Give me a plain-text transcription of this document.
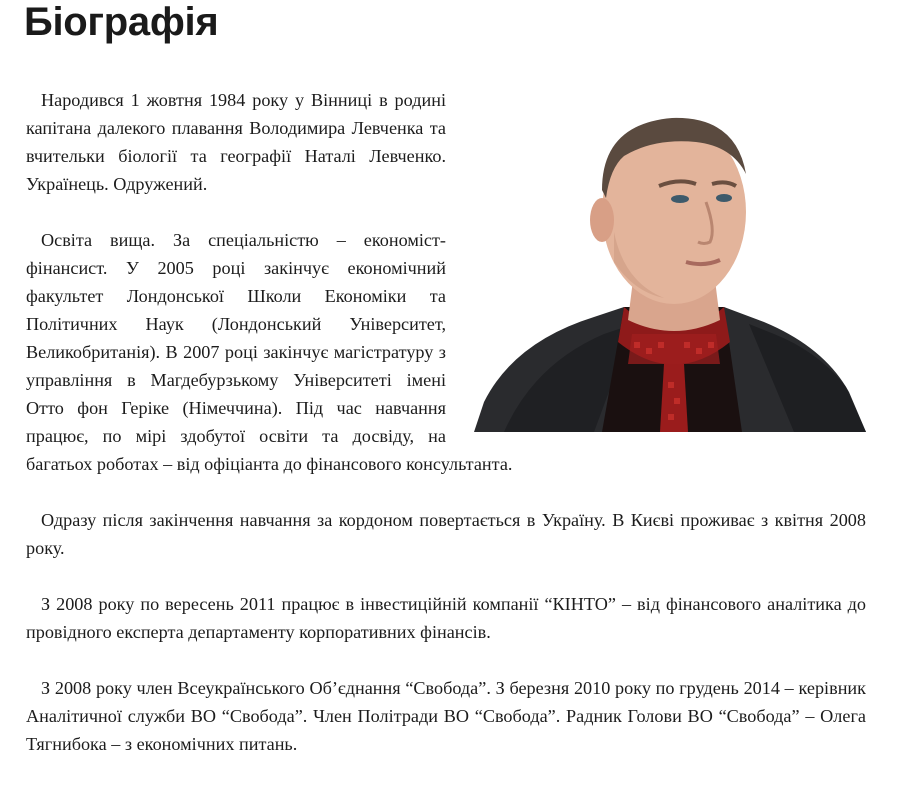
Біографія

Народився 1 жовтня 1984 року у Вінниці в родині капітана далекого плавання Володимира Левченка та вчительки біології та географії Наталі Левченко. Українець. Одружений.

Освіта вища. За спеціальністю – економіст-фінансист. У 2005 році закінчує економічний факультет Лондонської Школи Економіки та Політичних Наук (Лондонський Університет, Великобританія). В 2007 році закінчує магістратуру з управління в Магдебурзькому Університеті імені Отто фон Геріке (Німеччина). Під час навчання працює, по мірі здобутої освіти та досвіду, на багатьох роботах – від офіціанта до фінансового консультанта.

Одразу після закінчення навчання за кордоном повертається в Україну. В Києві проживає з квітня 2008 року.

З 2008 року по вересень 2011 працює в інвестиційній компанії “КІНТО” – від фінансового аналітика до провідного експерта департаменту корпоративних фінансів.

З 2008 року член Всеукраїнського Об’єднання “Свобода”. З березня 2010 року по грудень 2014 – керівник Аналітичної служби ВО “Свобода”. Член Політради ВО “Свобода”. Радник Голови ВО “Свобода” – Олега Тягнибока – з економічних питань.
